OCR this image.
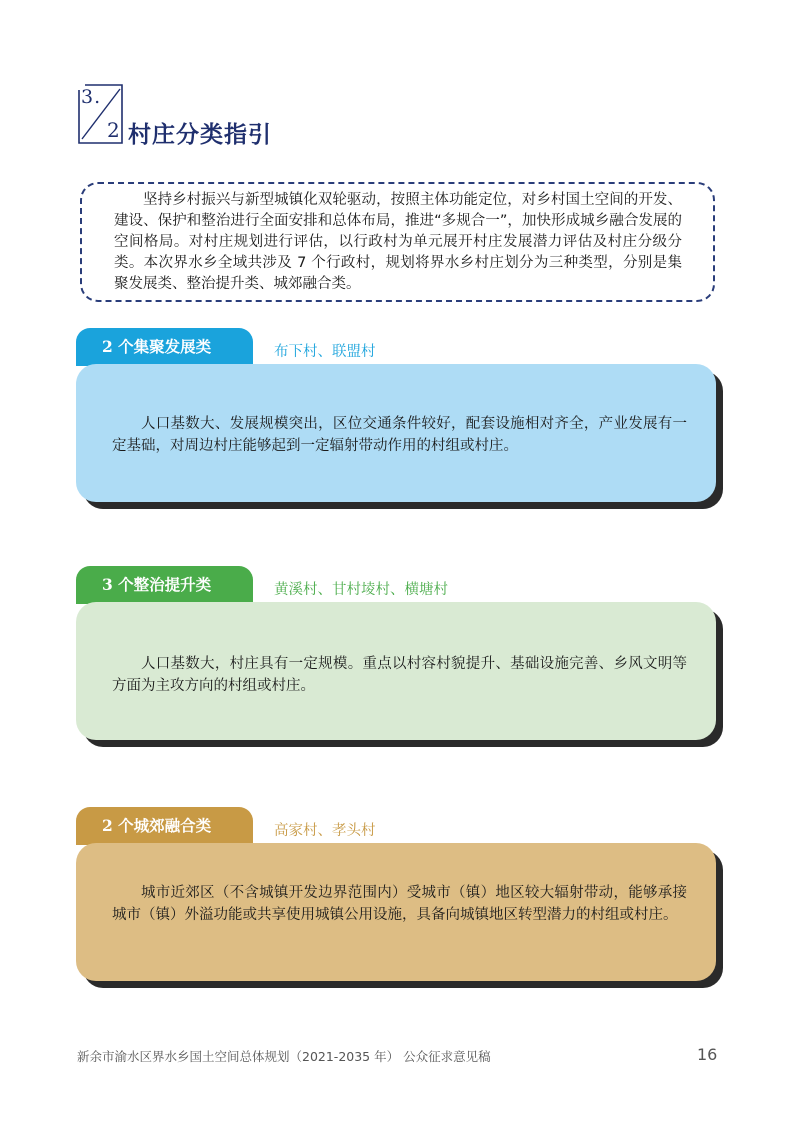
3.
2 村庄分类指引
坚持乡村振兴与新型城镇化双轮驱动，按照主体功能定位，对乡村国土空间的开发、建设、保护和整治进行全面安排和总体布局，推进“多规合一”，加快形成城乡融合发展的空间格局。对村庄规划进行评估，以行政村为单元展开村庄发展潜力评估及村庄分级分类。本次界水乡全域共涉及 7 个行政村，规划将界水乡村庄划分为三种类型，分别是集聚发展类、整治提升类、城郊融合类。
2 个集聚发展类	布下村、联盟村
人口基数大、发展规模突出，区位交通条件较好，配套设施相对齐全，产业发展有一定基础，对周边村庄能够起到一定辐射带动作用的村组或村庄。
3 个整治提升类	黄溪村、甘村堎村、横塘村
人口基数大，村庄具有一定规模。重点以村容村貌提升、基础设施完善、乡风文明等方面为主攻方向的村组或村庄。
2 个城郊融合类	高家村、孝头村
城市近郊区（不含城镇开发边界范围内）受城市（镇）地区较大辐射带动，能够承接城市（镇）外溢功能或共享使用城镇公用设施，具备向城镇地区转型潜力的村组或村庄。
新余市渝水区界水乡国土空间总体规划（2021-2035 年） 公众征求意见稿	16
